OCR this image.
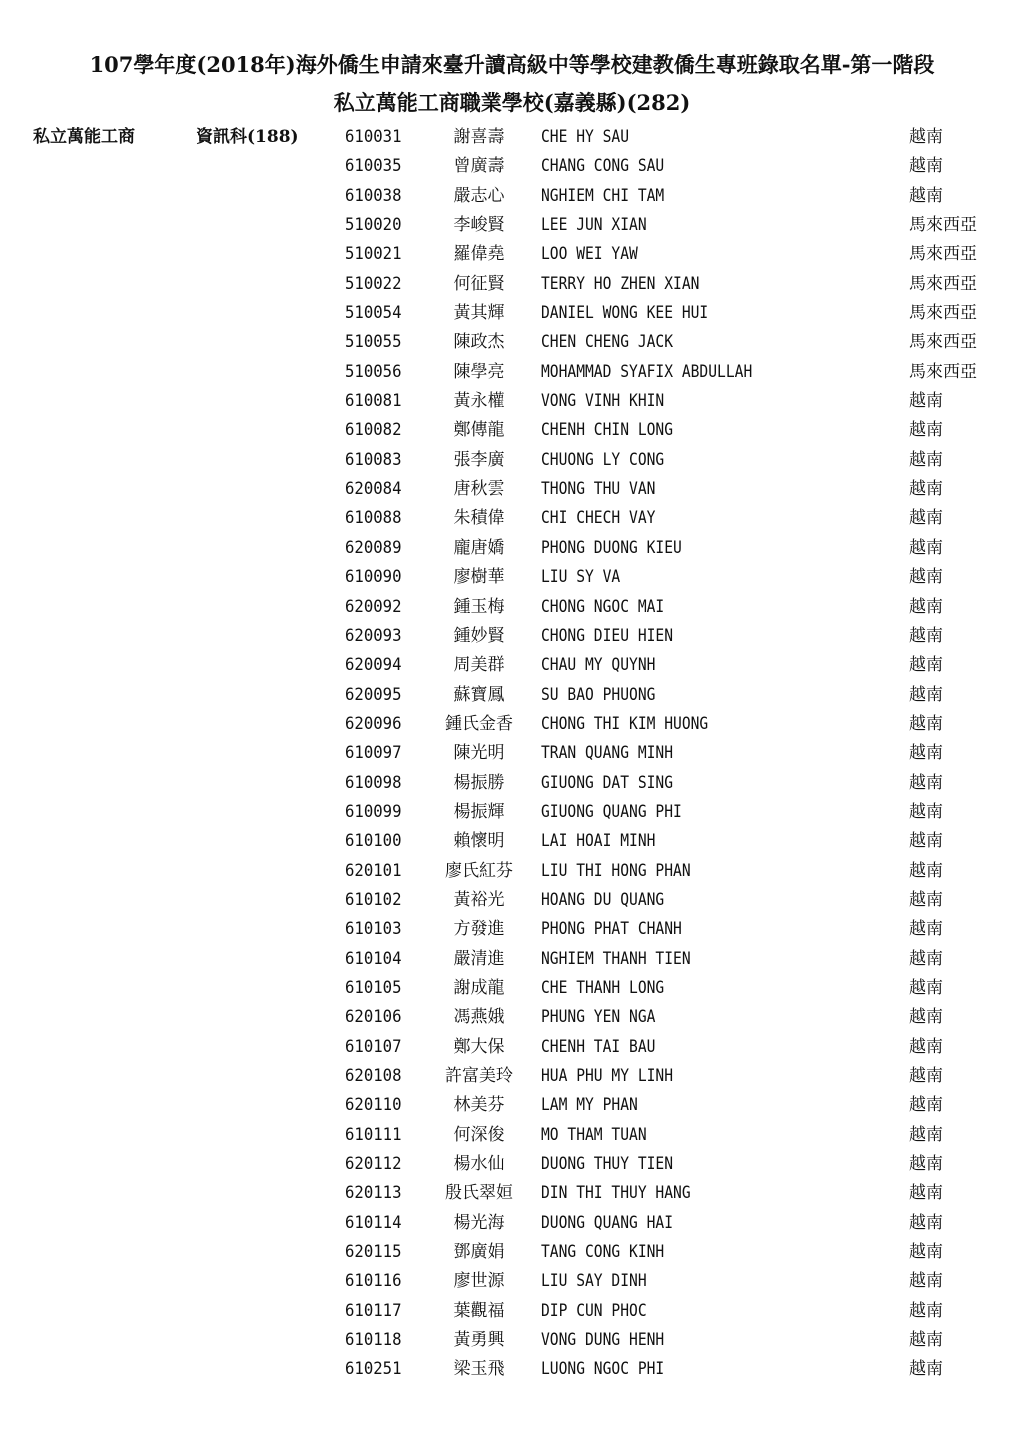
107學年度(2018年)海外僑生申請來臺升讀高級中等學校建教僑生專班錄取名單-第一階段
私立萬能工商職業學校(嘉義縣)(282)
私立萬能工商	資訊科(188)	610031	謝喜壽	CHE HY SAU	越南
610035	曾廣壽	CHANG CONG SAU	越南
610038	嚴志心	NGHIEM CHI TAM	越南
510020	李峻賢	LEE JUN XIAN	馬來西亞
510021	羅偉堯	LOO WEI YAW	馬來西亞
510022	何征賢	TERRY HO ZHEN XIAN	馬來西亞
510054	黃其輝	DANIEL WONG KEE HUI	馬來西亞
510055	陳政杰	CHEN CHENG JACK	馬來西亞
510056	陳學亮	MOHAMMAD SYAFIX ABDULLAH	馬來西亞
610081	黃永權	VONG VINH KHIN	越南
610082	鄭傳龍	CHENH CHIN LONG	越南
610083	張李廣	CHUONG LY CONG	越南
620084	唐秋雲	THONG THU VAN	越南
610088	朱積偉	CHI CHECH VAY	越南
620089	龐唐嬌	PHONG DUONG KIEU	越南
610090	廖樹華	LIU SY VA	越南
620092	鍾玉梅	CHONG NGOC MAI	越南
620093	鍾妙賢	CHONG DIEU HIEN	越南
620094	周美群	CHAU MY QUYNH	越南
620095	蘇寶鳳	SU BAO PHUONG	越南
620096	鍾氏金香	CHONG THI KIM HUONG	越南
610097	陳光明	TRAN QUANG MINH	越南
610098	楊振勝	GIUONG DAT SING	越南
610099	楊振輝	GIUONG QUANG PHI	越南
610100	賴懷明	LAI HOAI MINH	越南
620101	廖氏紅芬	LIU THI HONG PHAN	越南
610102	黃裕光	HOANG DU QUANG	越南
610103	方發進	PHONG PHAT CHANH	越南
610104	嚴清進	NGHIEM THANH TIEN	越南
610105	謝成龍	CHE THANH LONG	越南
620106	馮燕娥	PHUNG YEN NGA	越南
610107	鄭大保	CHENH TAI BAU	越南
620108	許富美玲	HUA PHU MY LINH	越南
620110	林美芬	LAM MY PHAN	越南
610111	何深俊	MO THAM TUAN	越南
620112	楊水仙	DUONG THUY TIEN	越南
620113	殷氏翠姮	DIN THI THUY HANG	越南
610114	楊光海	DUONG QUANG HAI	越南
620115	鄧廣娟	TANG CONG KINH	越南
610116	廖世源	LIU SAY DINH	越南
610117	葉觀福	DIP CUN PHOC	越南
610118	黃勇興	VONG DUNG HENH	越南
610251	梁玉飛	LUONG NGOC PHI	越南
